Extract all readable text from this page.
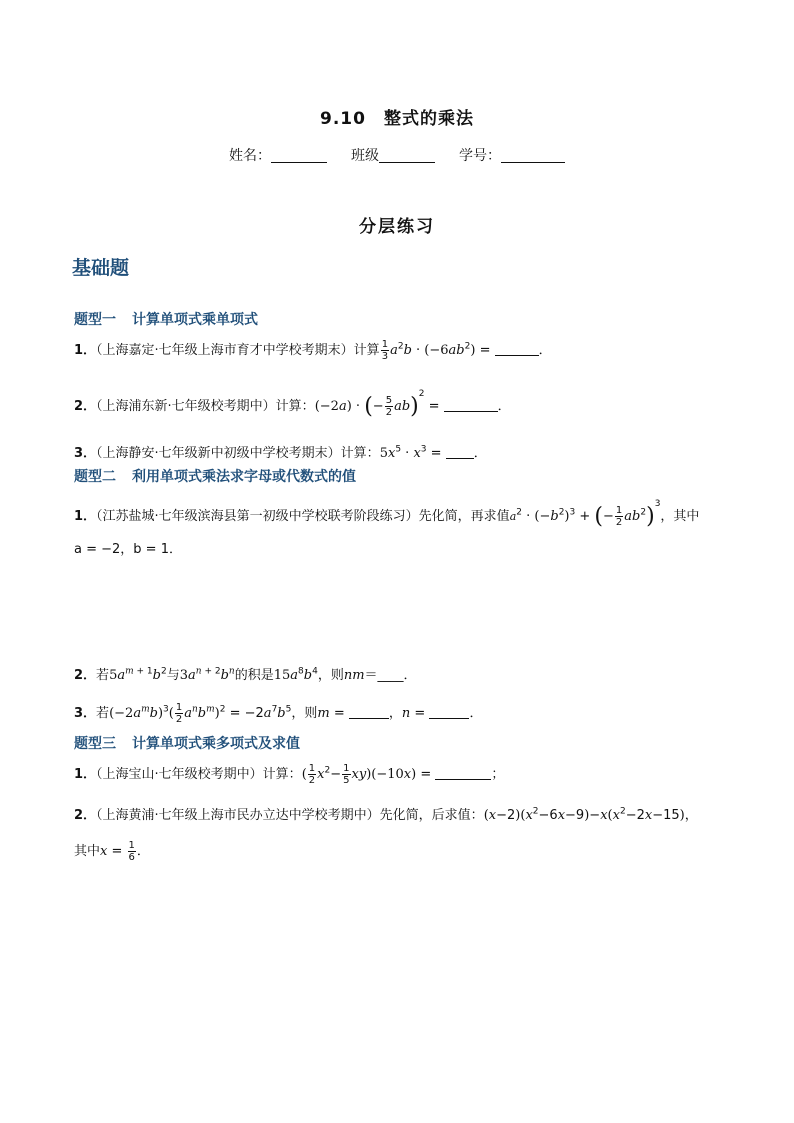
9.10　整式的乘法
姓名：	班级	学号：
分层练习
基础题
题型一 计算单项式乘单项式
1．（上海嘉定·七年级上海市育才中学校考期末）计算 $\frac{1}{3} a^2b \cdot (-6ab^2)$ =	．
2．（上海浦东新·七年级校考期中）计算：(−2a) · (− $\frac{5}{2} ab)^2$ =	．
3．（上海静安·七年级新中初级中学校考期末）计算：$5x^5 \cdot x^3$ = ．
题型二 利用单项式乘法求字母或代数式的值
1．（江苏盐城·七年级滨海县第一初级中学校联考阶段练习）先化简，再求值$a^2 \cdot (-b^2)^3$ + (− $\frac{1}{2} ab^2)^3$，其中
a = −2，b = 1．
2．若$5a^{m + 1}b^2$与$3a^{n + 2}b^n$的积是$15a^8b^4$，则nm＝____．
3．若$(-2a^mb)^3( \frac{1}{2} a^nb^m)^2 = -2a^7b^5$，则m =	，n =	．
题型三 计算单项式乘多项式及求值
1．（上海宝山·七年级校考期中）计算：( $\frac{1}{2} x^2- \frac{1}{5} xy)(-10x)$ =	；
2．（上海黄浦·七年级上海市民办立达中学校考期中）先化简，后求值：$(x-2)(x^2-6x-9)-x(x^2-2x-15)$，
其中$x = \frac{1}{6}$ ．
